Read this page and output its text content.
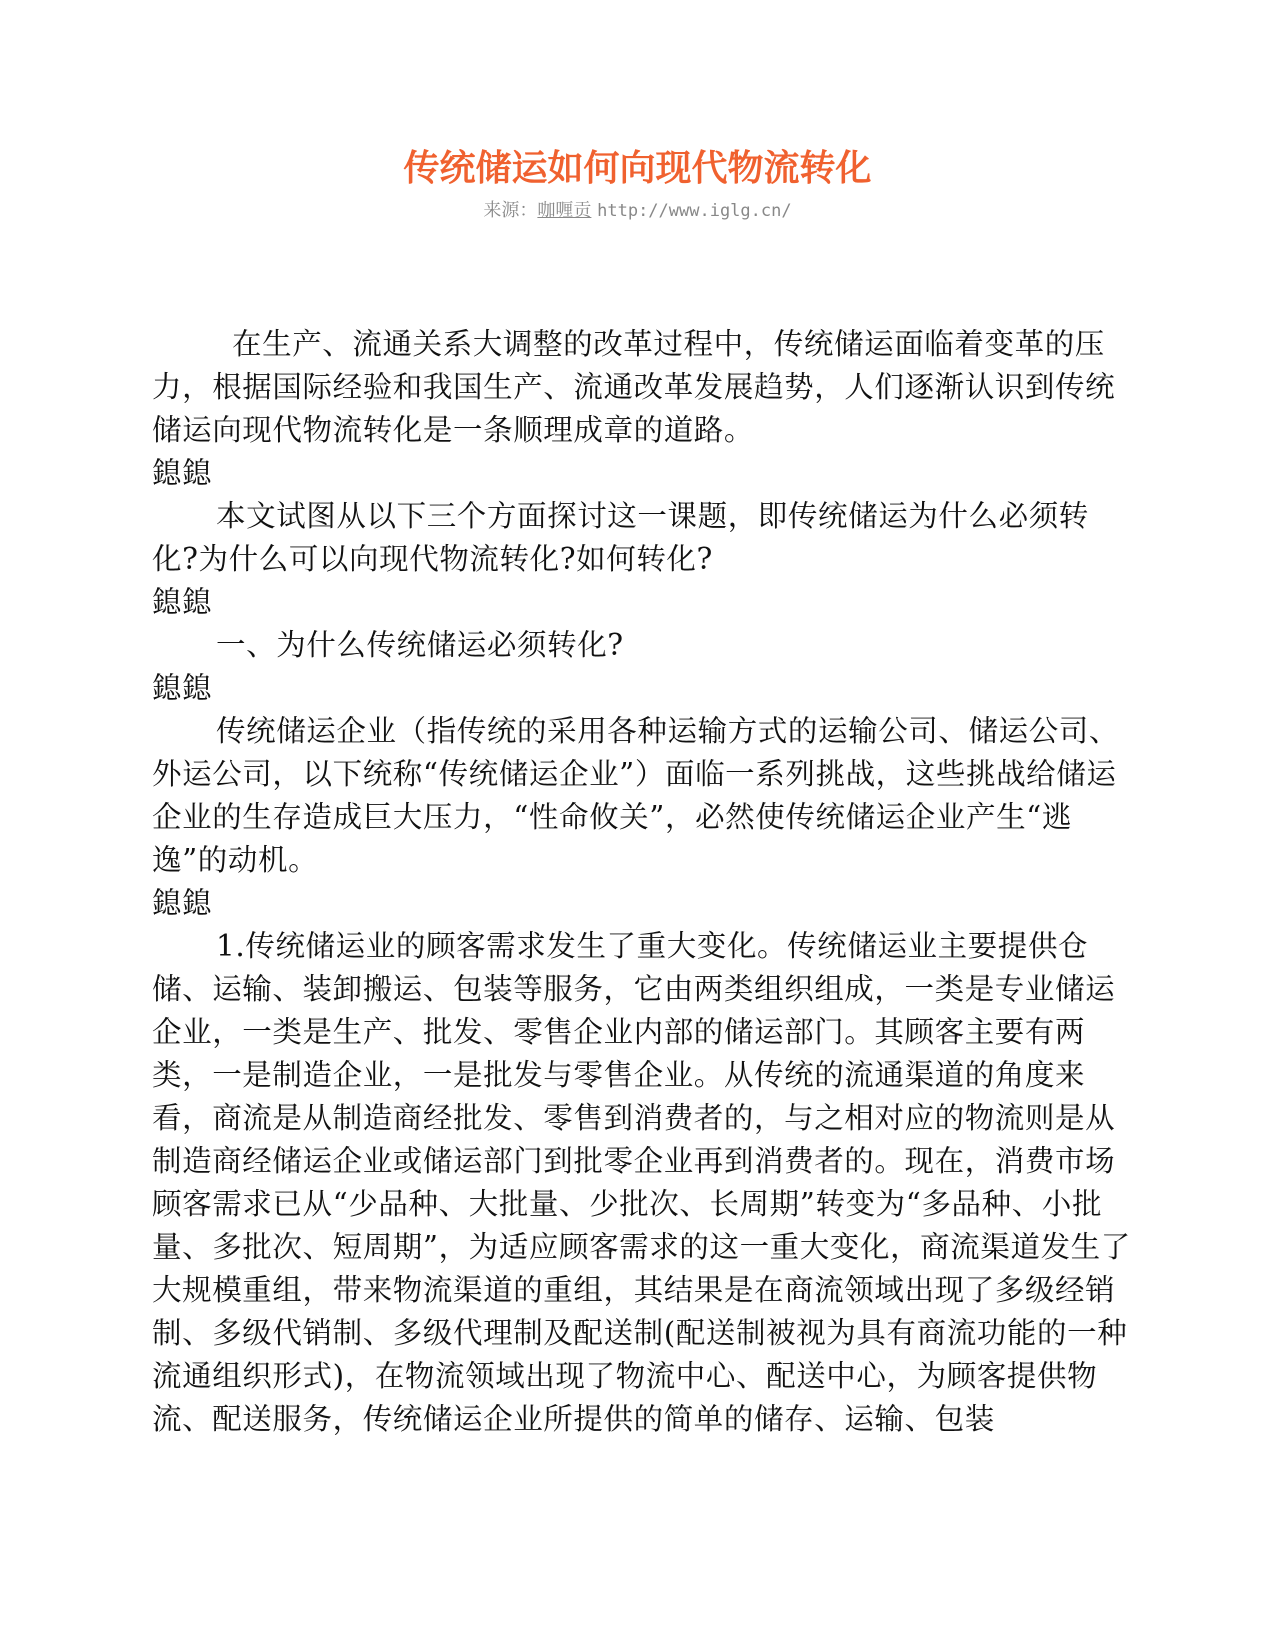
传统储运如何向现代物流转化
来源：咖喱贡 http://www.iglg.cn/

在生产、流通关系大调整的改革过程中，传统储运面临着变革的压力，根据国际经验和我国生产、流通改革发展趋势，人们逐渐认识到传统储运向现代物流转化是一条顺理成章的道路。

鎴鎴

本文试图从以下三个方面探讨这一课题，即传统储运为什么必须转化?为什么可以向现代物流转化?如何转化?

鎴鎴

一、为什么传统储运必须转化?

鎴鎴

传统储运企业（指传统的采用各种运输方式的运输公司、储运公司、外运公司，以下统称“传统储运企业”）面临一系列挑战，这些挑战给储运企业的生存造成巨大压力，“性命攸关”，必然使传统储运企业产生“逃逸”的动机。

鎴鎴

1.传统储运业的顾客需求发生了重大变化。传统储运业主要提供仓储、运输、装卸搬运、包装等服务，它由两类组织组成，一类是专业储运企业，一类是生产、批发、零售企业内部的储运部门。其顾客主要有两类，一是制造企业，一是批发与零售企业。从传统的流通渠道的角度来看，商流是从制造商经批发、零售到消费者的，与之相对应的物流则是从制造商经储运企业或储运部门到批零企业再到消费者的。现在，消费市场顾客需求已从“少品种、大批量、少批次、长周期”转变为“多品种、小批量、多批次、短周期”，为适应顾客需求的这一重大变化，商流渠道发生了大规模重组，带来物流渠道的重组，其结果是在商流领域出现了多级经销制、多级代销制、多级代理制及配送制(配送制被视为具有商流功能的一种流通组织形式)，在物流领域出现了物流中心、配送中心，为顾客提供物流、配送服务，传统储运企业所提供的简单的储存、运输、包装
